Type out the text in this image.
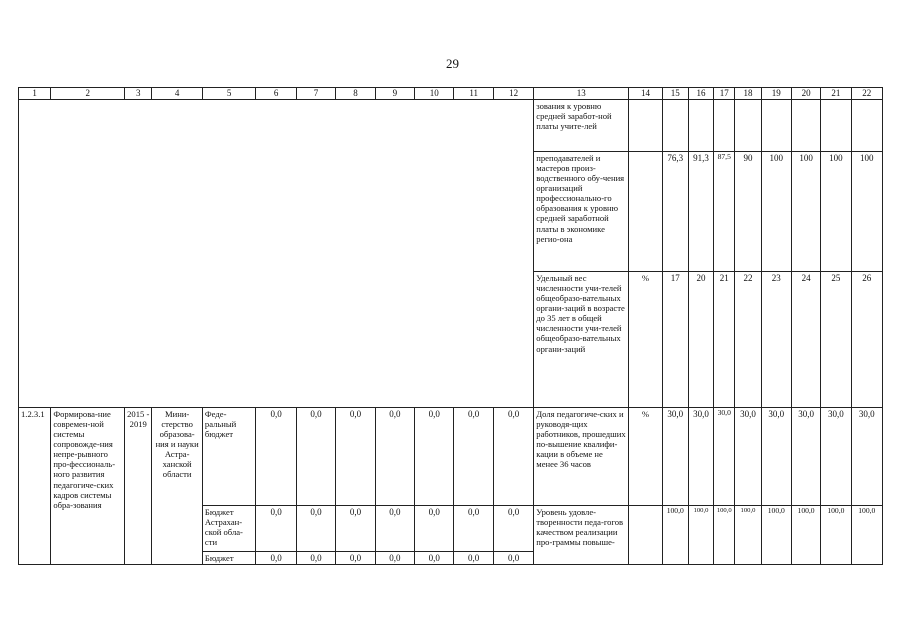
29
1	2	3	4	5	6	7	8	9	10	11	12	13	14	15	16	17	18	19	20	21	22
												зования к уровню средней заработ-ной платы учите-лей									
												преподавателей и мастеров произ-водственного обу-чения организаций профессионально-го образования к уровню средней заработной платы в экономике регио-она		76,3	91,3	87,5	90	100	100	100	100
												Удельный вес численности учи-телей общеобразо-вательных органи-заций в возрасте до 35 лет в общей численности учи-телей общеобразо-вательных органи-заций	%	17	20	21	22	23	24	25	26
1.2.3.1	Формирова-ние современ-ной системы сопровожде-ния непре-рывного про-фессиональ-ного развития педагогиче-ских кадров системы обра-зования	2015 - 2019	Мини-стерство образова-ния и науки Астра-ханской области	Феде-ральный бюджет	0,0	0,0	0,0	0,0	0,0	0,0	0,0	Доля педагогиче-ских и руководя-щих работников, прошедших по-вышение квалифи-кации в объеме не менее 36 часов	%	30,0	30,0	30,0	30,0	30,0	30,0	30,0	30,0
				Бюджет Астрахан-ской обла-сти	0,0	0,0	0,0	0,0	0,0	0,0	0,0	Уровень удовле-творенности педа-гогов качеством реализации про-граммы повыше-		100,0	100,0	100,0	100,0	100,0	100,0	100,0	100,0
				Бюджет	0,0	0,0	0,0	0,0	0,0	0,0	0,0										
